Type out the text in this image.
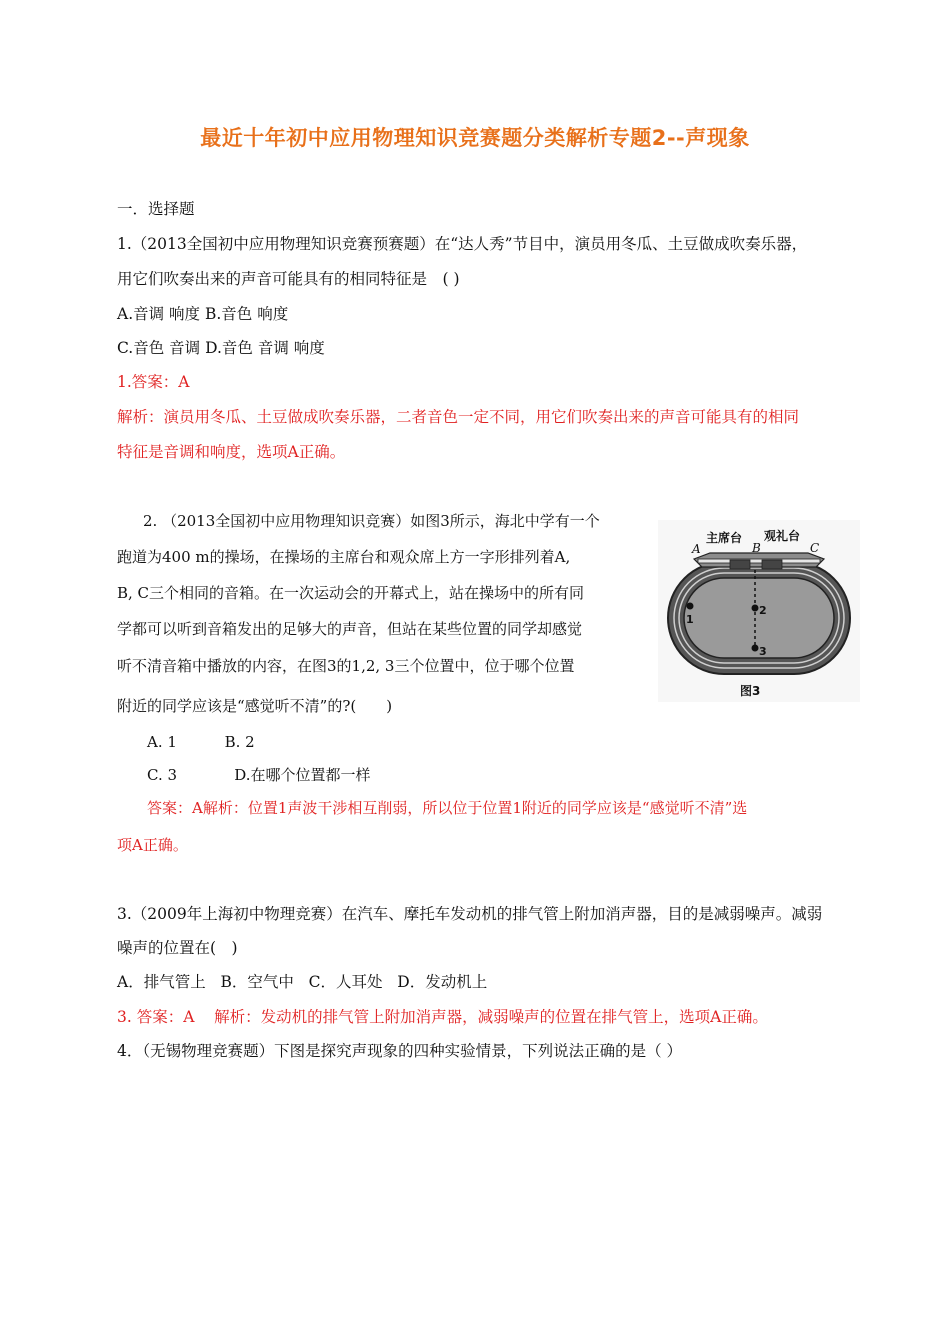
最近十年初中应用物理知识竞赛题分类解析专题2--声现象
一．选择题
1.（2013全国初中应用物理知识竞赛预赛题）在“达人秀”节目中，演员用冬瓜、土豆做成吹奏乐器，
用它们吹奏出来的声音可能具有的相同特征是　( )
A.音调 响度 B.音色 响度
C.音色 音调 D.音色 音调 响度
1.答案：A
解析：演员用冬瓜、土豆做成吹奏乐器，二者音色一定不同，用它们吹奏出来的声音可能具有的相同
特征是音调和响度，选项A正确。
2. （2013全国初中应用物理知识竞赛）如图3所示，海北中学有一个
跑道为400 m的操场，在操场的主席台和观众席上方一字形排列着A,
B, C三个相同的音箱。在一次运动会的开幕式上，站在操场中的所有同
学都可以听到音箱发出的足够大的声音，但站在某些位置的同学却感觉
听不清音箱中播放的内容，在图3的1,2, 3三个位置中，位于哪个位置
附近的同学应该是“感觉听不清”的?(　　)
A. 1          B. 2
C. 3            D.在哪个位置都一样
答案：A解析：位置1声波干涉相互削弱，所以位于位置1附近的同学应该是“感觉听不清”选
项A正确。
主席台 观礼台
A	B	C
1
2
3
图3
3.（2009年上海初中物理竞赛）在汽车、摩托车发动机的排气管上附加消声器，目的是减弱噪声。减弱
噪声的位置在(　)
A．排气管上   B．空气中   C．人耳处   D．发动机上
3. 答案：A    解析：发动机的排气管上附加消声器，减弱噪声的位置在排气管上，选项A正确。
4．（无锡物理竞赛题）下图是探究声现象的四种实验情景，下列说法正确的是（ ）
